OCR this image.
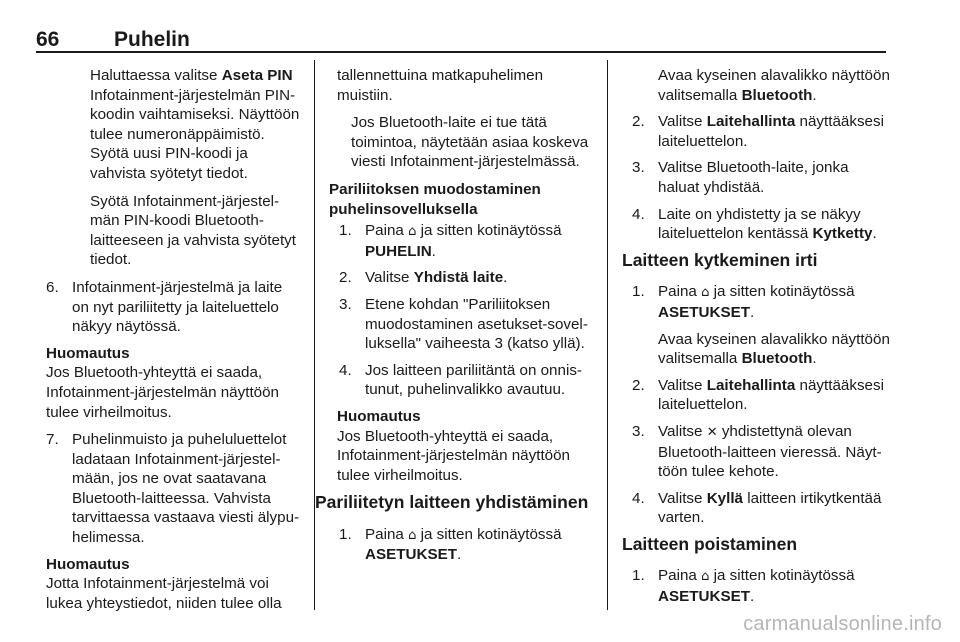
66	Puhelin

Haluttaessa valitse Aseta PIN Infotainment-järjestelmän PIN-koodin vaihtamiseksi. Näyttöön tulee numeronäppäimistö. Syötä uusi PIN-koodi ja vahvista syötetyt tiedot.

Syötä Infotainment-järjestelmän PIN-koodi Bluetooth-laitteeseen ja vahvista syötetyt tiedot.

6. Infotainment-järjestelmä ja laite on nyt pariliitetty ja laiteluettelo näkyy näytössä.
Huomautus
Jos Bluetooth-yhteyttä ei saada, Infotainment-järjestelmän näyttöön tulee virheilmoitus.
7. Puhelinmuisto ja puheluluettelot ladataan Infotainment-järjestelmään, jos ne ovat saatavana Bluetooth-laitteessa. Vahvista tarvittaessa vastaava viesti älypuhelimessa.
Huomautus
Jotta Infotainment-järjestelmä voi lukea yhteystiedot, niiden tulee olla

tallennettuina matkapuhelimen muistiin.

Jos Bluetooth-laite ei tue tätä toimintoa, näytetään asiaa koskeva viesti Infotainment-järjestelmässä.

Pariliitoksen muodostaminen puhelinsovelluksella
1. Paina ⌂ ja sitten kotinäytössä PUHELIN.
2. Valitse Yhdistä laite.
3. Etene kohdan "Pariliitoksen muodostaminen asetukset-sovelluksella" vaiheesta 3 (katso yllä).
4. Jos laitteen pariliitäntä on onnistunut, puhelinvalikko avautuu.
Huomautus
Jos Bluetooth-yhteyttä ei saada, Infotainment-järjestelmän näyttöön tulee virheilmoitus.
Pariliitetyn laitteen yhdistäminen
1. Paina ⌂ ja sitten kotinäytössä ASETUKSET.
Avaa kyseinen alavalikko näyttöön valitsemalla Bluetooth.
2. Valitse Laitehallinta näyttääksesi laiteluettelon.
3. Valitse Bluetooth-laite, jonka haluat yhdistää.
4. Laite on yhdistetty ja se näkyy laiteluettelon kentässä Kytketty.
Laitteen kytkeminen irti
1. Paina ⌂ ja sitten kotinäytössä ASETUKSET.
Avaa kyseinen alavalikko näyttöön valitsemalla Bluetooth.
2. Valitse Laitehallinta näyttääksesi laiteluettelon.
3. Valitse ✕ yhdistettynä olevan Bluetooth-laitteen vieressä. Näyttöön tulee kehote.
4. Valitse Kyllä laitteen irtikytkentää varten.
Laitteen poistaminen
1. Paina ⌂ ja sitten kotinäytössä ASETUKSET.
carmanualsonline.info
